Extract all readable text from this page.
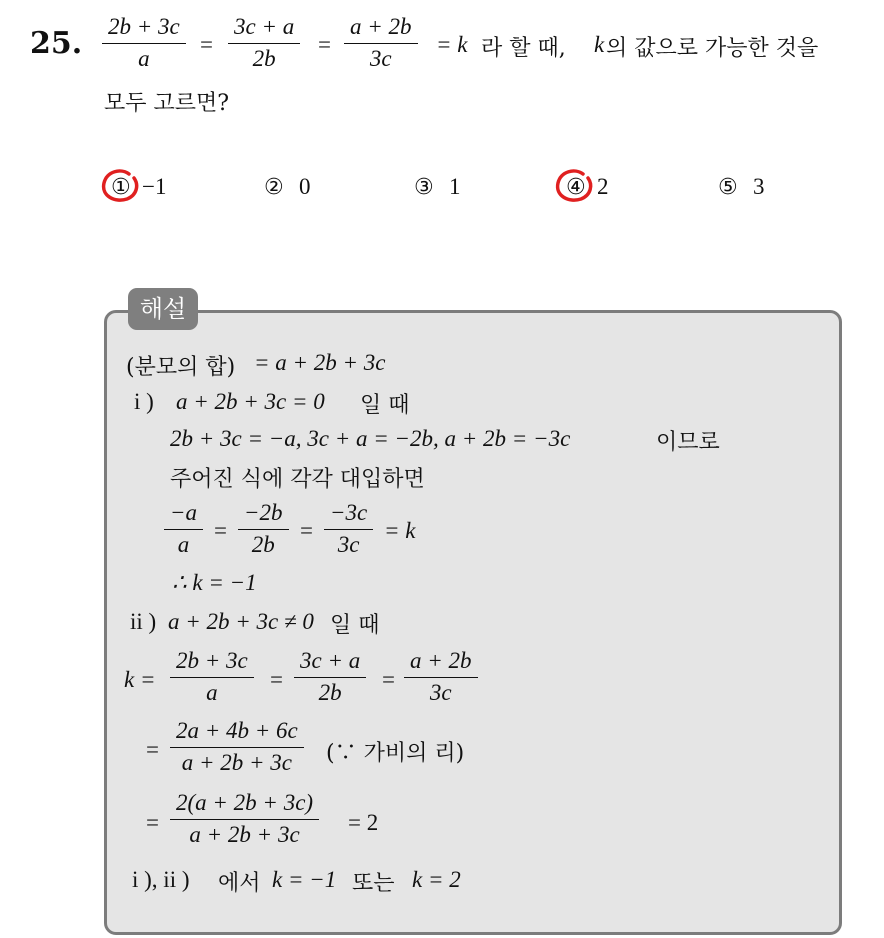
25. $\frac{2b + 3c}{a} = \frac{3c + a}{2b} = \frac{a + 2b}{3c} = k$ 라 할 때, k 의 값으로 가능한 것을
모두 고르면?
① −1	② 0	③ 1	④ 2	⑤ 3
해설
(분모의 합) = a + 2b + 3c
i ) a + 2b + 3c = 0 일 때
2b + 3c = −a, 3c + a = −2b, a + 2b = −3c	이므로
주어진 식에 각각 대입하면
$\frac{-a}{a} = \frac{-2b}{2b} = \frac{-3c}{3c} = k$
∴ k = −1
ii ) a + 2b + 3c ≠ 0 일 때
$k = \frac{2b + 3c}{a} = \frac{3c + a}{2b} = \frac{a + 2b}{3c}$
= $\frac{2a + 4b + 6c}{a + 2b + 3c}$ (∵ 가비의 리)
= $\frac{2(a + 2b + 3c)}{a + 2b + 3c} = 2$
i ), ii ) 에서 k = −1 또는 k = 2
